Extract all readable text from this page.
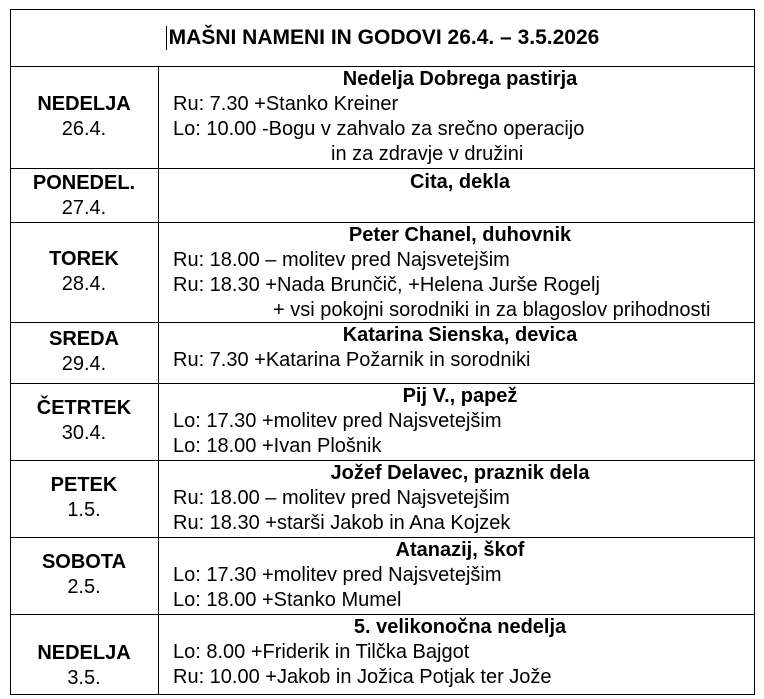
MAŠNI NAMENI IN GODOVI 26.4. – 3.5.2026
NEDELJA
26.4.
Nedelja Dobrega pastirja
Ru: 7.30 +Stanko Kreiner
Lo: 10.00 -Bogu v zahvalo za srečno operacijo
in za zdravje v družini
PONEDEL.
27.4.
Cita, dekla
TOREK
28.4.
Peter Chanel, duhovnik
Ru: 18.00 – molitev pred Najsvetejšim
Ru: 18.30 +Nada Brunčič, +Helena Jurše Rogelj
+ vsi pokojni sorodniki in za blagoslov prihodnosti
SREDA
29.4.
Katarina Sienska, devica
Ru: 7.30 +Katarina Požarnik in sorodniki
ČETRTEK
30.4.
Pij V., papež
Lo: 17.30 +molitev pred Najsvetejšim
Lo: 18.00 +Ivan Plošnik
PETEK
1.5.
Jožef Delavec, praznik dela
Ru: 18.00 – molitev pred Najsvetejšim
Ru: 18.30 +starši Jakob in Ana Kojzek
SOBOTA
2.5.
Atanazij, škof
Lo: 17.30 +molitev pred Najsvetejšim
Lo: 18.00 +Stanko Mumel
NEDELJA
3.5.
5. velikonočna nedelja
Lo: 8.00 +Friderik in Tilčka Bajgot
Ru: 10.00 +Jakob in Jožica Potjak ter Jože
